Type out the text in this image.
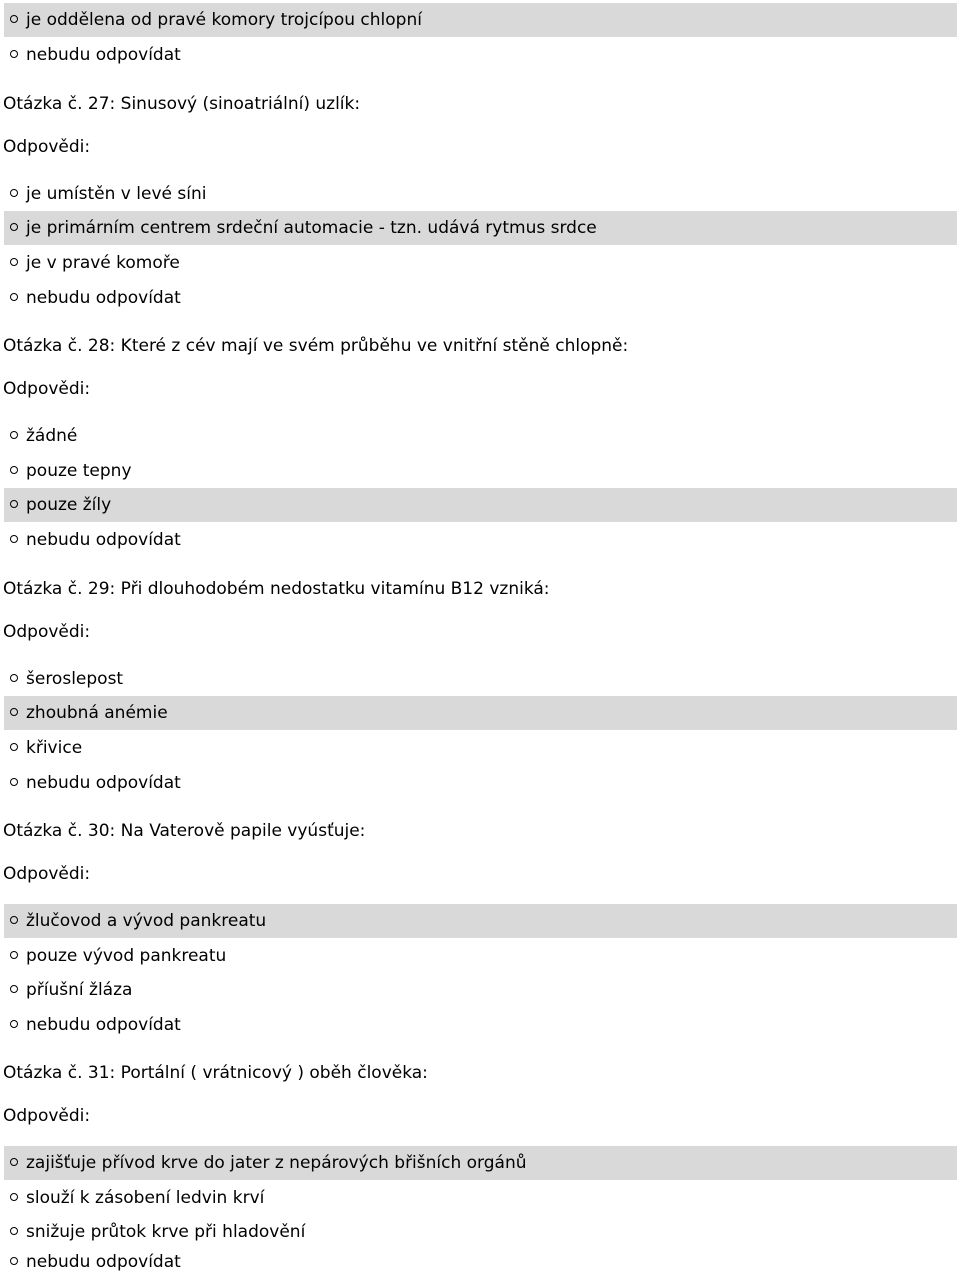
je oddělena od pravé komory trojcípou chlopní
nebudu odpovídat
Otázka č. 27: Sinusový (sinoatriální) uzlík:
Odpovědi:
je umístěn v levé síni
je primárním centrem srdeční automacie - tzn. udává rytmus srdce
je v pravé komoře
nebudu odpovídat
Otázka č. 28: Které z cév mají ve svém průběhu ve vnitřní stěně chlopně:
Odpovědi:
žádné
pouze tepny
pouze žíly
nebudu odpovídat
Otázka č. 29: Při dlouhodobém nedostatku vitamínu B12 vzniká:
Odpovědi:
šeroslepost
zhoubná anémie
křivice
nebudu odpovídat
Otázka č. 30: Na Vaterově papile vyúsťuje:
Odpovědi:
žlučovod a vývod pankreatu
pouze vývod pankreatu
příušní žláza
nebudu odpovídat
Otázka č. 31: Portální ( vrátnicový ) oběh člověka:
Odpovědi:
zajišťuje přívod krve do jater z nepárových břišních orgánů
slouží k zásobení ledvin krví
snižuje průtok krve při hladovění
nebudu odpovídat
